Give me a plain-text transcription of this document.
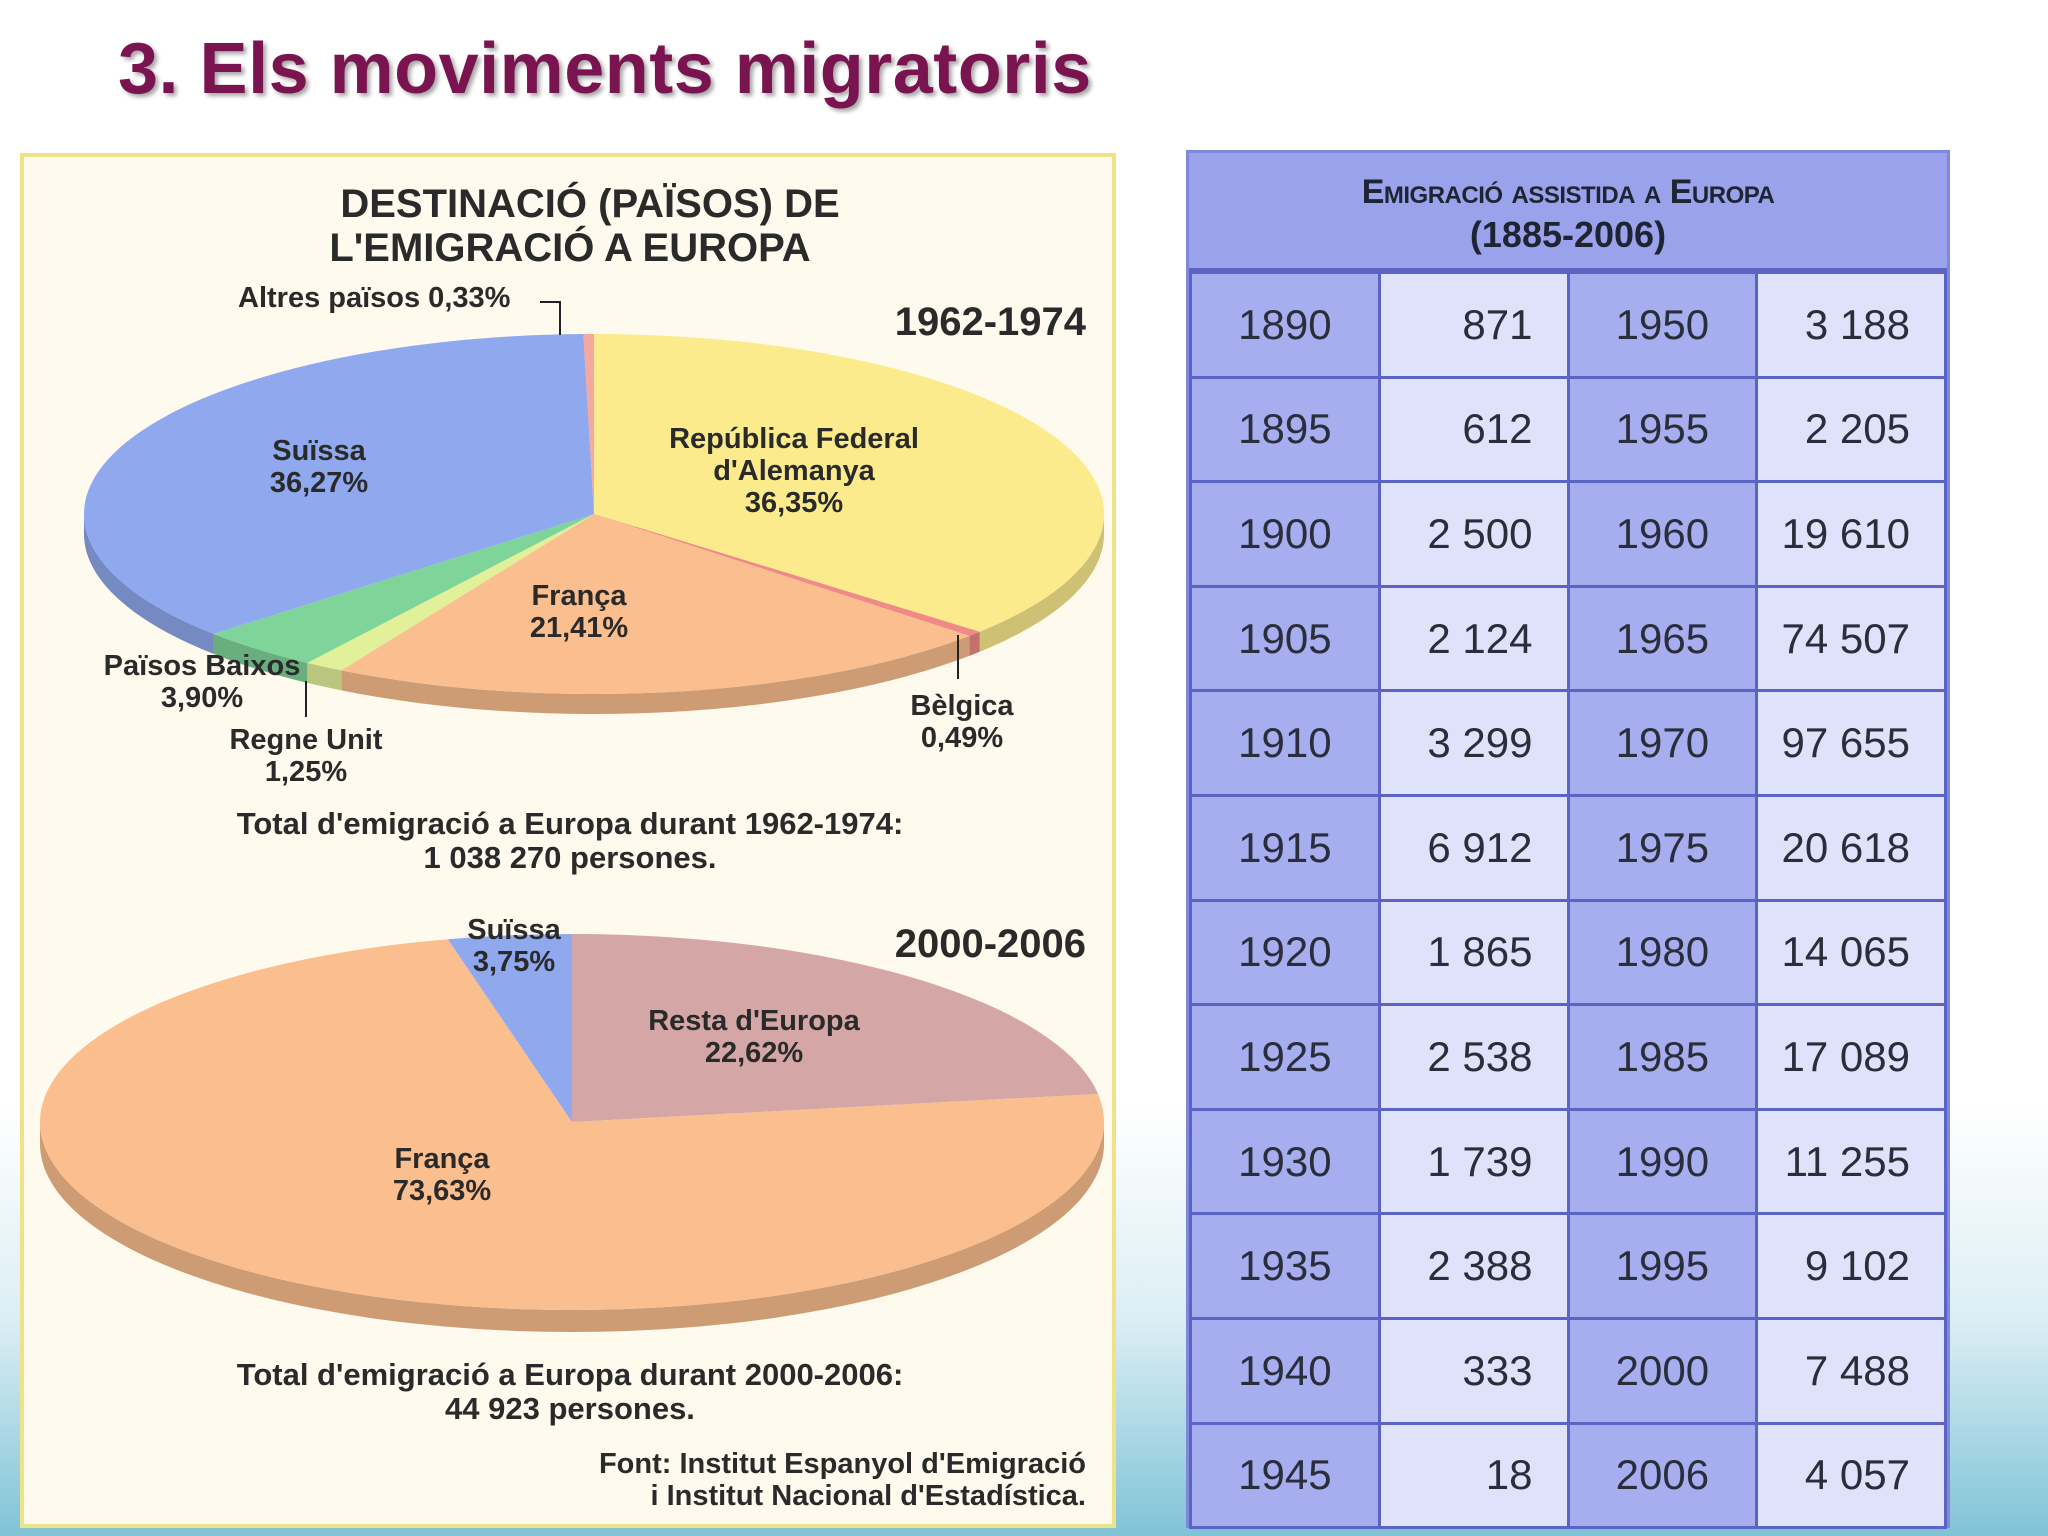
3. Els moviments migratoris
DESTINACIÓ (PAÏSOS) DE
L'EMIGRACIÓ A EUROPA
1962-1974
República Federal
d'Alemanya
36,35%
Bèlgica
0,49%
França
21,41%
Regne Unit
1,25%
Països Baixos
3,90%
Suïssa
36,27%
Altres països 0,33%
Total d'emigració a Europa durant 1962-1974:
1 038 270 persones.
2000-2006
Resta d'Europa
22,62%
França
73,63%
Suïssa
3,75%
Total d'emigració a Europa durant 2000-2006:
44 923 persones.
Font: Institut Espanyol d'Emigració
i Institut Nacional d'Estadística.
Emigració assistida a Europa
(1885-2006)
1890	871	1950	3 188
1895	612	1955	2 205
1900	2 500	1960	19 610
1905	2 124	1965	74 507
1910	3 299	1970	97 655
1915	6 912	1975	20 618
1920	1 865	1980	14 065
1925	2 538	1985	17 089
1930	1 739	1990	11 255
1935	2 388	1995	9 102
1940	333	2000	7 488
1945	18	2006	4 057
